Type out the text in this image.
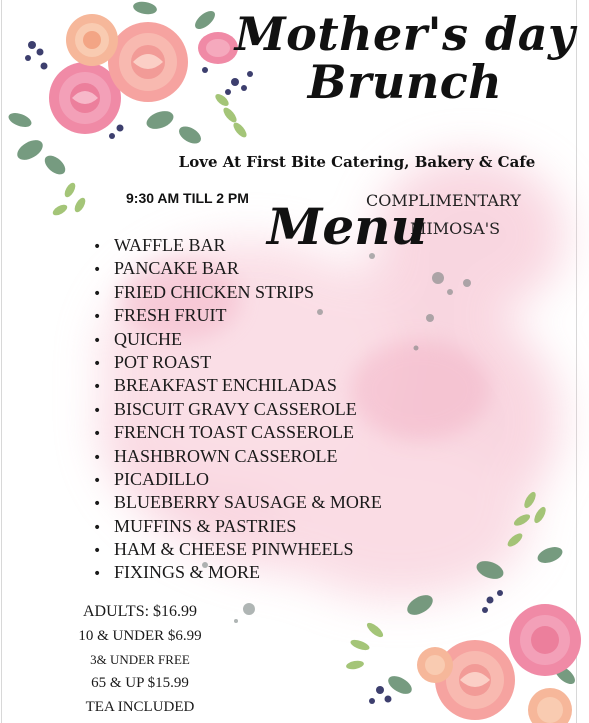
Mother's day
Brunch
Love At First Bite Catering, Bakery & Cafe
9:30 AM TILL 2 PM	COMPLIMENTARY
MIMOSA'S
Menu
• WAFFLE BAR
• PANCAKE BAR
• FRIED CHICKEN STRIPS
• FRESH FRUIT
• QUICHE
• POT ROAST
• BREAKFAST ENCHILADAS
• BISCUIT GRAVY CASSEROLE
• FRENCH TOAST CASSEROLE
• HASHBROWN CASSEROLE
• PICADILLO
• BLUEBERRY SAUSAGE & MORE
• MUFFINS & PASTRIES
• HAM & CHEESE PINWHEELS
• FIXINGS & MORE
ADULTS: $16.99
10 & UNDER $6.99
3& UNDER FREE
65 & UP $15.99
TEA INCLUDED
